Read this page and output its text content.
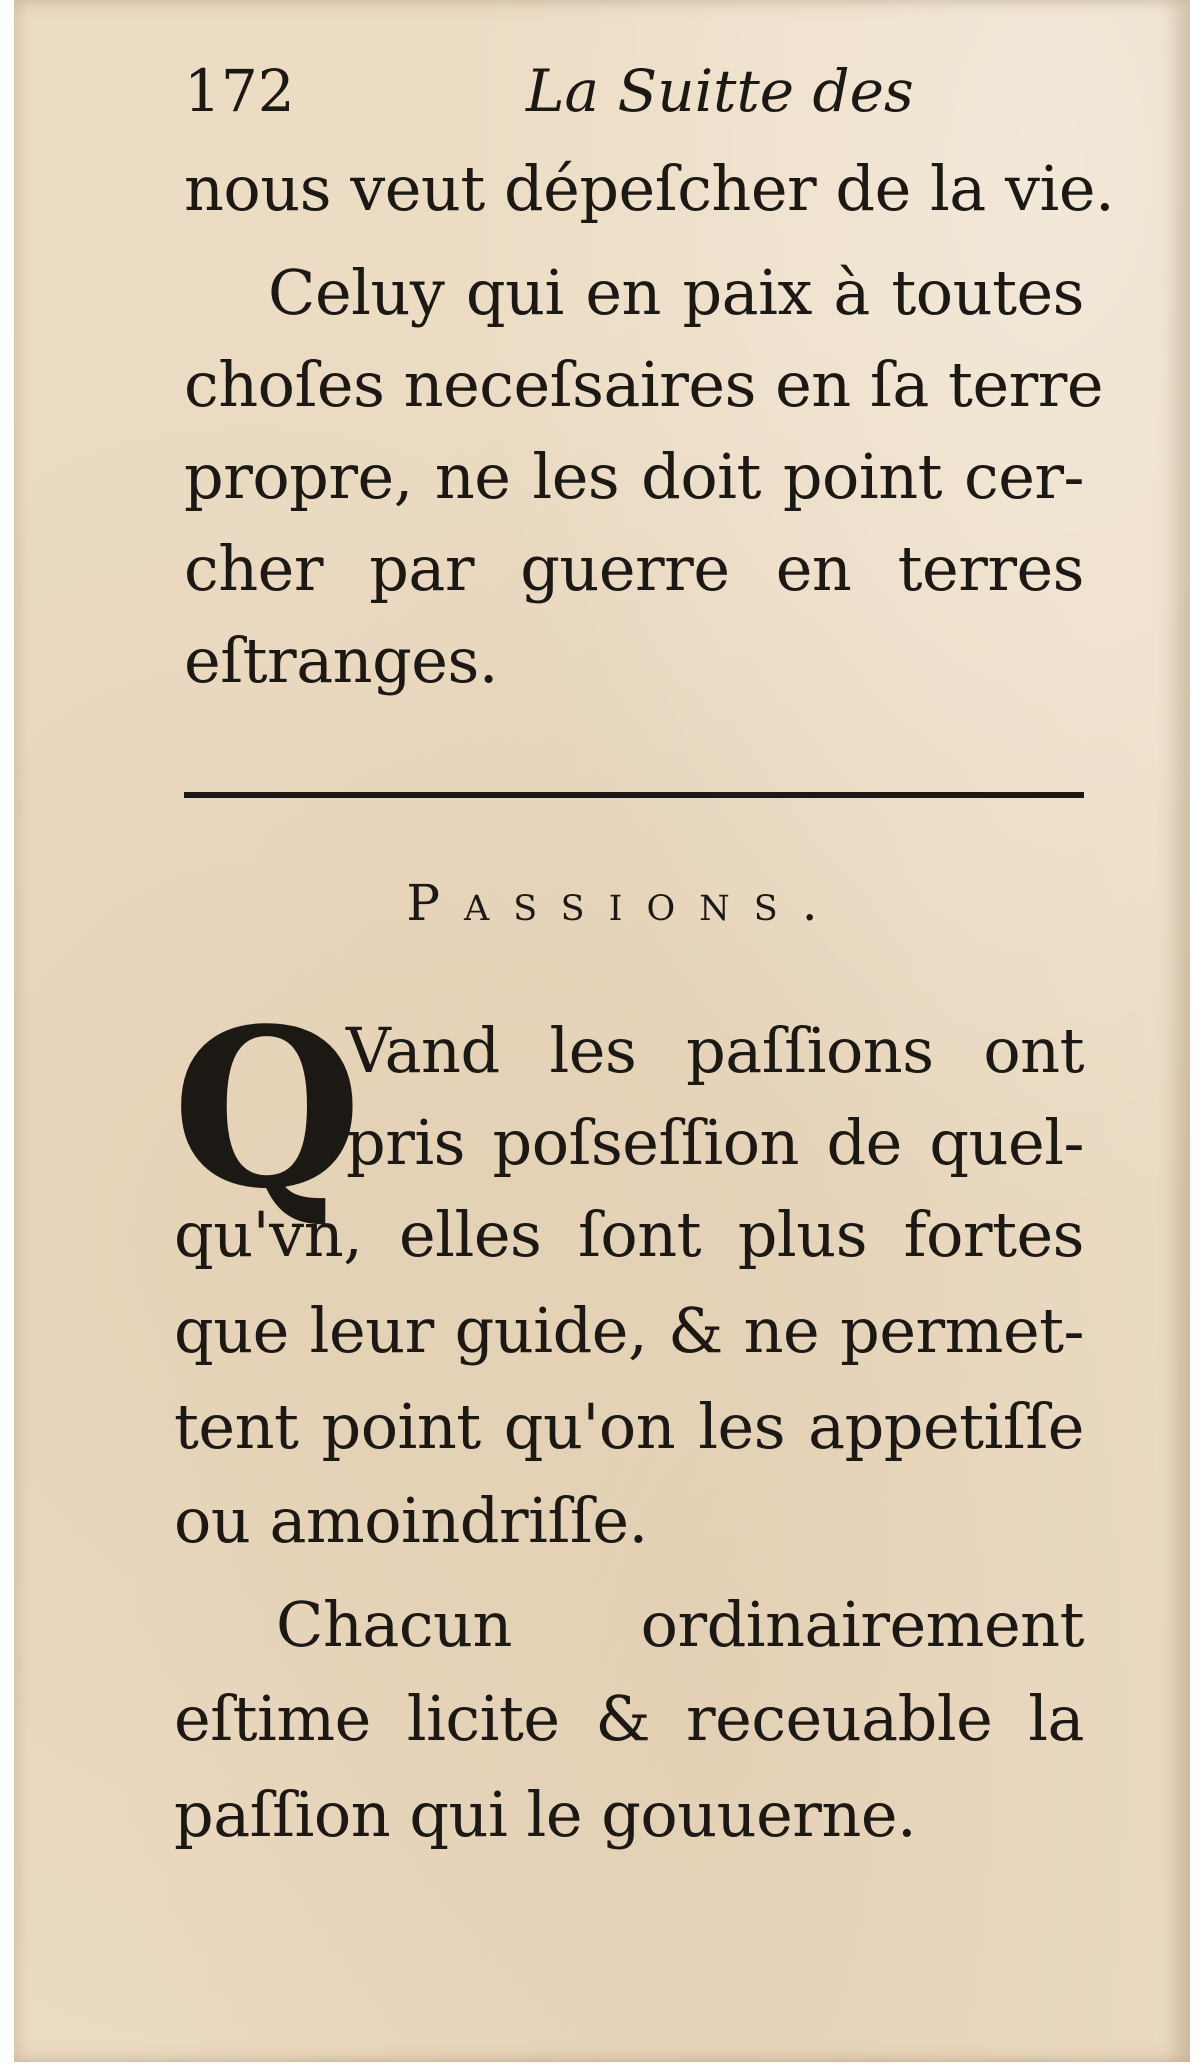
172	La Suitte des
nous veut dépeſcher de la vie.
Celuy qui en paix à toutes
choſes neceſsaires en ſa terre
propre, ne les doit point cer-
cher par guerre en terres
eſtranges.
Passions.
Q
Vand les paſſions ont
pris poſseſſion de quel-
qu'vn, elles ſont plus fortes
que leur guide, & ne permet-
tent point qu'on les appetiſſe
ou amoindriſſe.
Chacun ordinairement
eſtime licite & receuable la
paſſion qui le gouuerne.
